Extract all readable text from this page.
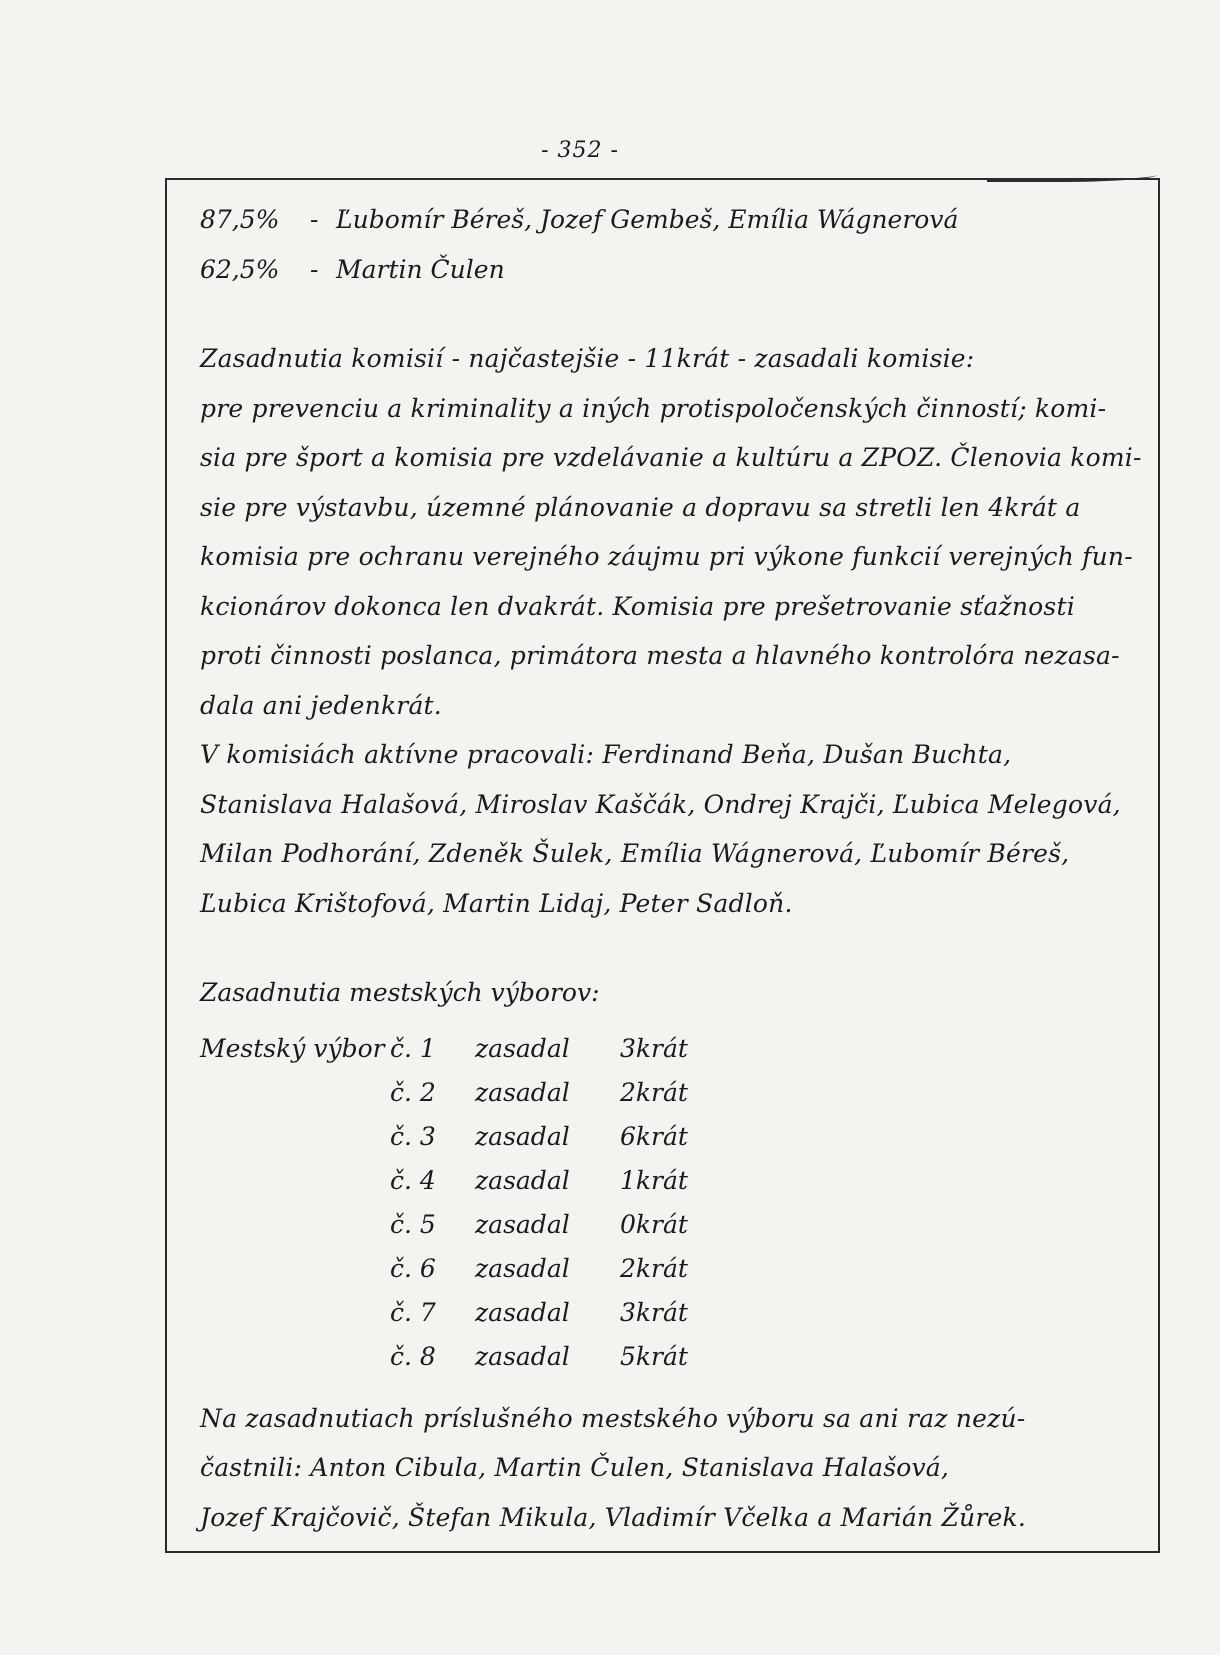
- 352 -
87,5% - Ľubomír Béreš, Jozef Gembeš, Emília Wágnerová
62,5% - Martin Čulen
Zasadnutia komisií - najčastejšie - 11krát - zasadali komisie:
pre prevenciu a kriminality a iných protispoločenských činností; komi-
sia pre šport a komisia pre vzdelávanie a kultúru a ZPOZ. Členovia komi-
sie pre výstavbu, územné plánovanie a dopravu sa stretli len 4krát a
komisia pre ochranu verejného záujmu pri výkone funkcií verejných fun-
kcionárov dokonca len dvakrát. Komisia pre prešetrovanie sťažnosti
proti činnosti poslanca, primátora mesta a hlavného kontrolóra nezasa-
dala ani jedenkrát.
V komisiách aktívne pracovali: Ferdinand Beňa, Dušan Buchta,
Stanislava Halašová, Miroslav Kaščák, Ondrej Krajči, Ľubica Melegová,
Milan Podhorání, Zdeněk Šulek, Emília Wágnerová, Ľubomír Béreš,
Ľubica Krištofová, Martin Lidaj, Peter Sadloň.
Zasadnutia mestských výborov:
Mestský výbor č. 1 zasadal 3krát
č. 2 zasadal 2krát
č. 3 zasadal 6krát
č. 4 zasadal 1krát
č. 5 zasadal 0krát
č. 6 zasadal 2krát
č. 7 zasadal 3krát
č. 8 zasadal 5krát
Na zasadnutiach príslušného mestského výboru sa ani raz nezú-
častnili: Anton Cibula, Martin Čulen, Stanislava Halašová,
Jozef Krajčovič, Štefan Mikula, Vladimír Včelka a Marián Žůrek.
